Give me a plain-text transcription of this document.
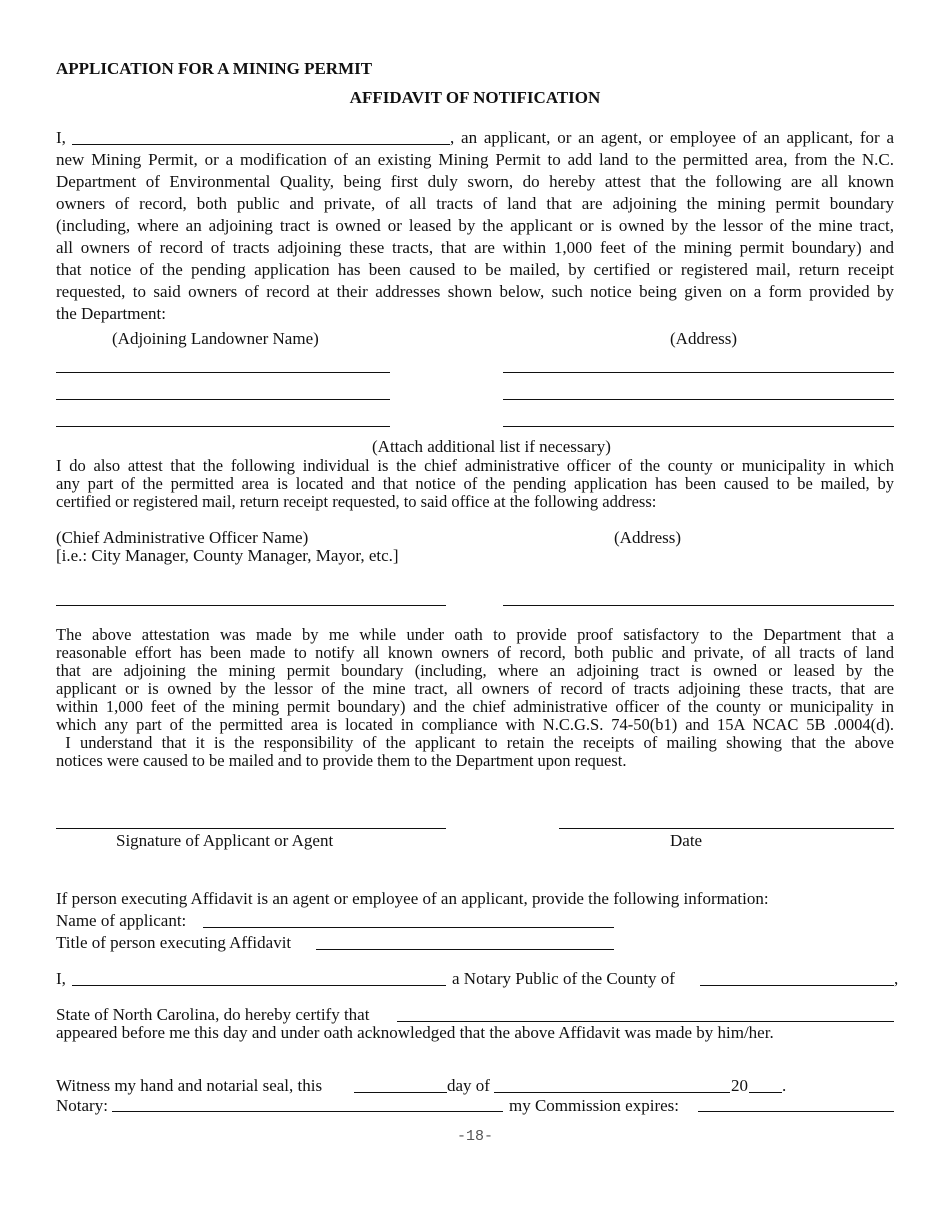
APPLICATION FOR A MINING PERMIT
AFFIDAVIT OF NOTIFICATION
I,	, an applicant, or an agent, or employee of an applicant, for a
new Mining Permit, or a modification of an existing Mining Permit to add land to the permitted area, from the N.C.
Department of Environmental Quality, being first duly sworn, do hereby attest that the following are all known
owners of record, both public and private, of all tracts of land that are adjoining the mining permit boundary
(including, where an adjoining tract is owned or leased by the applicant or is owned by the lessor of the mine tract,
all owners of record of tracts adjoining these tracts, that are within 1,000 feet of the mining permit boundary) and
that notice of the pending application has been caused to be mailed, by certified or registered mail, return receipt
requested, to said owners of record at their addresses shown below, such notice being given on a form provided by
the Department:
(Adjoining Landowner Name)	(Address)
(Attach additional list if necessary)
I do also attest that the following individual is the chief administrative officer of the county or municipality in which
any part of the permitted area is located and that notice of the pending application has been caused to be mailed, by
certified or registered mail, return receipt requested, to said office at the following address:
(Chief Administrative Officer Name)
[i.e.: City Manager, County Manager, Mayor, etc.]
(Address)
The above attestation was made by me while under oath to provide proof satisfactory to the Department that a
reasonable effort has been made to notify all known owners of record, both public and private, of all tracts of land
that are adjoining the mining permit boundary (including, where an adjoining tract is owned or leased by the
applicant or is owned by the lessor of the mine tract, all owners of record of tracts adjoining these tracts, that are
within 1,000 feet of the mining permit boundary) and the chief administrative officer of the county or municipality in
which any part of the permitted area is located in compliance with N.C.G.S. 74-50(b1) and 15A NCAC 5B .0004(d).
I understand that it is the responsibility of the applicant to retain the receipts of mailing showing that the above
notices were caused to be mailed and to provide them to the Department upon request.
Signature of Applicant or Agent	Date
If person executing Affidavit is an agent or employee of an applicant, provide the following information:
Name of applicant:
Title of person executing Affidavit
I,	a Notary Public of the County of	,
State of North Carolina, do hereby certify that
appeared before me this day and under oath acknowledged that the above Affidavit was made by him/her.
Witness my hand and notarial seal, this	day of	20 .
Notary:	my Commission expires:
-18-
